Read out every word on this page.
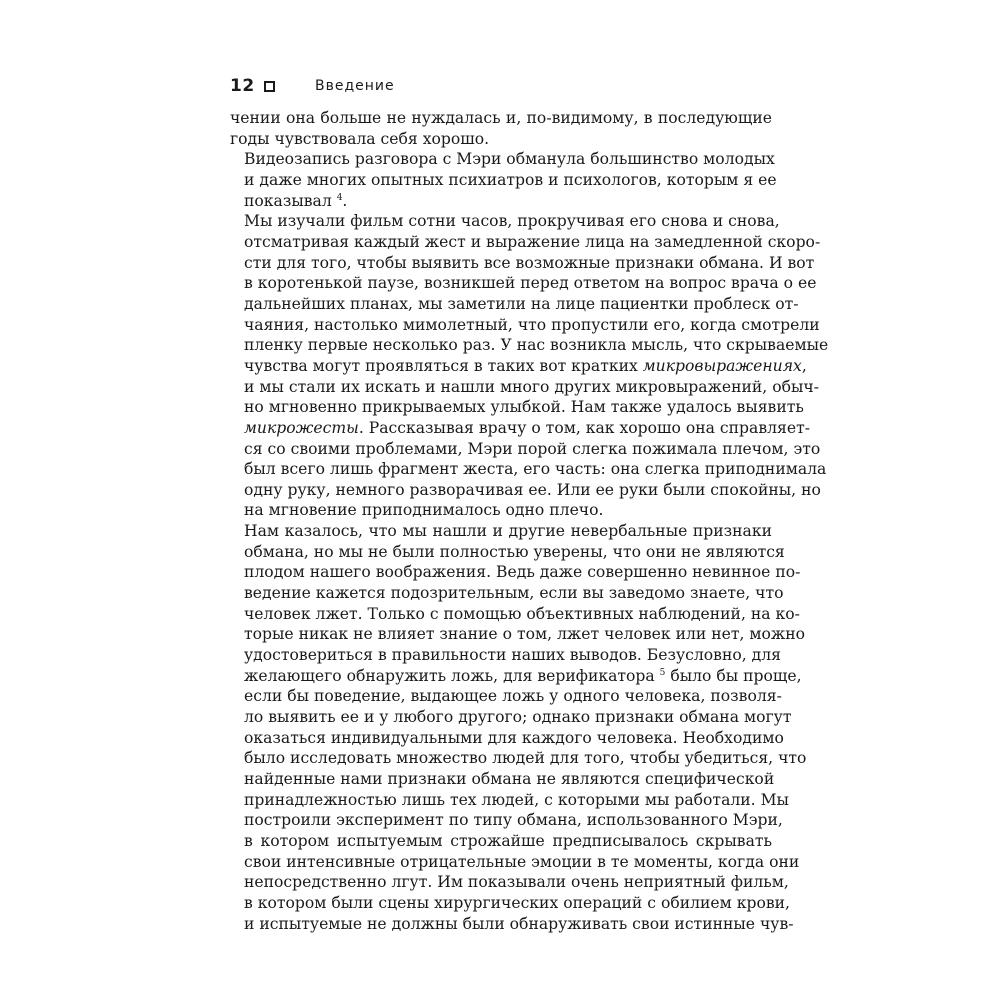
12	Введение

чении она больше не нуждалась и, по-видимому, в последующие
годы чувствовала себя хорошо.

Видеозапись разговора с Мэри обманула большинство молодых
и даже многих опытных психиатров и психологов, которым я ее
показывал $^4$.

Мы изучали фильм сотни часов, прокручивая его снова и снова,
отсматривая каждый жест и выражение лица на замедленной скоро-
сти для того, чтобы выявить все возможные признаки обмана. И вот
в коротенькой паузе, возникшей перед ответом на вопрос врача о ее
дальнейших планах, мы заметили на лице пациентки проблеск от-
чаяния, настолько мимолетный, что пропустили его, когда смотрели
пленку первые несколько раз. У нас возникла мысль, что скрываемые
чувства могут проявляться в таких вот кратких микровыражениях,
и мы стали их искать и нашли много других микровыражений, обыч-
но мгновенно прикрываемых улыбкой. Нам также удалось выявить
микрожесты. Рассказывая врачу о том, как хорошо она справляет-
ся со своими проблемами, Мэри порой слегка пожимала плечом, это
был всего лишь фрагмент жеста, его часть: она слегка приподнимала
одну руку, немного разворачивая ее. Или ее руки были спокойны, но
на мгновение приподнималось одно плечо.

Нам казалось, что мы нашли и другие невербальные признаки
обмана, но мы не были полностью уверены, что они не являются
плодом нашего воображения. Ведь даже совершенно невинное по-
ведение кажется подозрительным, если вы заведомо знаете, что
человек лжет. Только с помощью объективных наблюдений, на ко-
торые никак не влияет знание о том, лжет человек или нет, можно
удостовериться в правильности наших выводов. Безусловно, для
желающего обнаружить ложь, для верификатора $^5$ было бы проще,
если бы поведение, выдающее ложь у одного человека, позволя-
ло выявить ее и у любого другого; однако признаки обмана могут
оказаться индивидуальными для каждого человека. Необходимо
было исследовать множество людей для того, чтобы убедиться, что
найденные нами признаки обмана не являются специфической
принадлежностью лишь тех людей, с которыми мы работали. Мы
построили эксперимент по типу обмана, использованного Мэри,
в котором испытуемым строжайше предписывалось скрывать
свои интенсивные отрицательные эмоции в те моменты, когда они
непосредственно лгут. Им показывали очень неприятный фильм,
в котором были сцены хирургических операций с обилием крови,
и испытуемые не должны были обнаруживать свои истинные чув-
